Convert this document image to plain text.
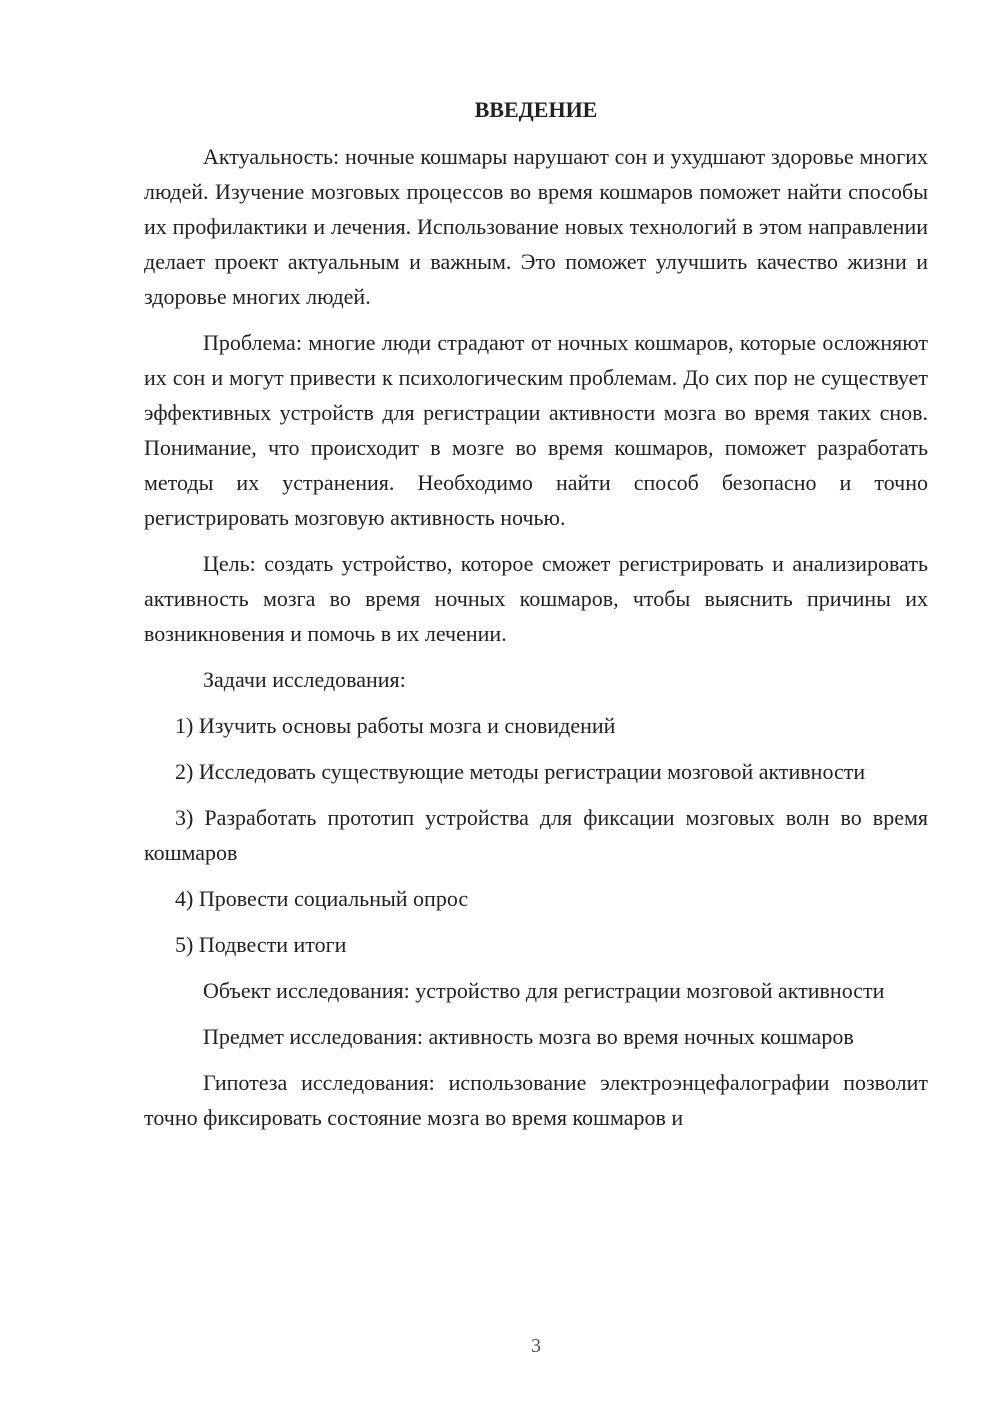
ВВЕДЕНИЕ

Актуальность: ночные кошмары нарушают сон и ухудшают здоровье многих людей. Изучение мозговых процессов во время кошмаров поможет найти способы их профилактики и лечения. Использование новых технологий в этом направлении делает проект актуальным и важным. Это поможет улучшить качество жизни и здоровье многих людей.

Проблема: многие люди страдают от ночных кошмаров, которые осложняют их сон и могут привести к психологическим проблемам. До сих пор не существует эффективных устройств для регистрации активности мозга во время таких снов. Понимание, что происходит в мозге во время кошмаров, поможет разработать методы их устранения. Необходимо найти способ безопасно и точно регистрировать мозговую активность ночью.

Цель: создать устройство, которое сможет регистрировать и анализировать активность мозга во время ночных кошмаров, чтобы выяснить причины их возникновения и помочь в их лечении.

Задачи исследования:

1) Изучить основы работы мозга и сновидений

2) Исследовать существующие методы регистрации мозговой активности

3) Разработать прототип устройства для фиксации мозговых волн во время кошмаров

4) Провести социальный опрос

5) Подвести итоги

Объект исследования: устройство для регистрации мозговой активности

Предмет исследования: активность мозга во время ночных кошмаров

Гипотеза исследования: использование электроэнцефалографии позволит точно фиксировать состояние мозга во время кошмаров и

3
